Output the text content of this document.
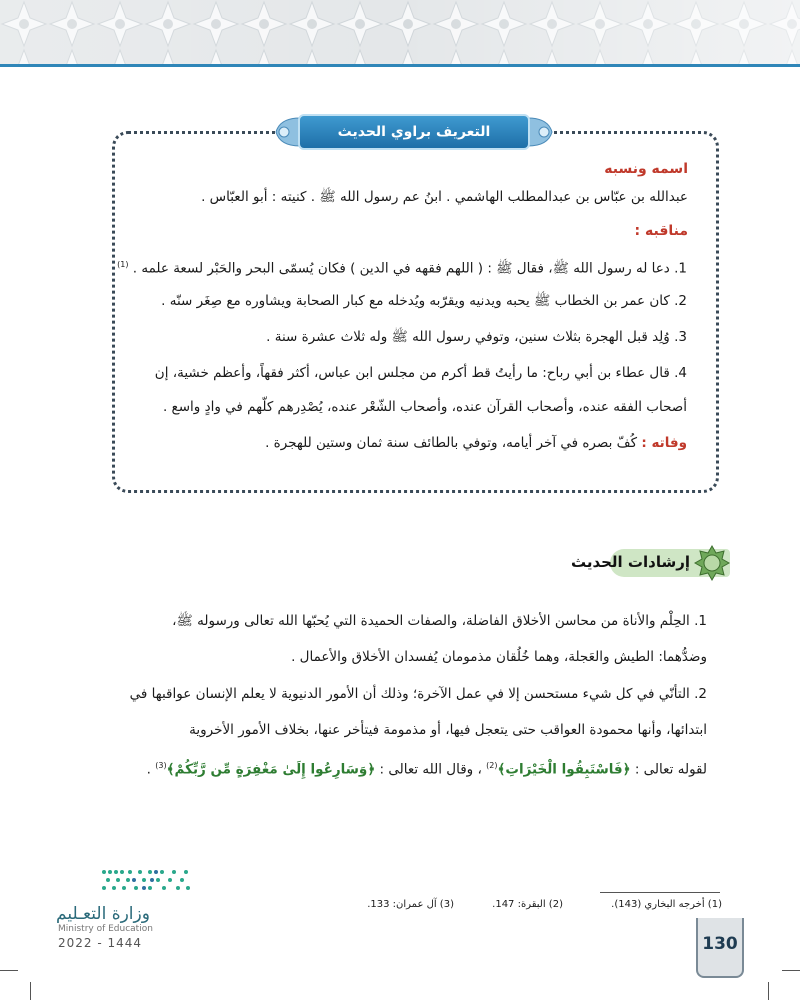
التعريف براوي الحديث
اسمه ونسبه
عبدالله بن عبّاس بن عبدالمطلب الهاشمي . ابنُ عم رسول الله ﷺ . كنيته : أبو العبّاس .
مناقبه :
1. دعا له رسول الله ﷺ، فقال ﷺ : ( اللهم فقهه في الدين ) فكان يُسمّى البحر والحَبْر لسعة علمه . $^{(1)}$
2. كان عمر بن الخطاب ﷺ يحبه ويدنيه ويقرّبه ويُدخله مع كبار الصحابة ويشاوره مع صِغَر سنّه .
3. وُلِد قبل الهجرة بثلاث سنين، وتوفي رسول الله ﷺ وله ثلاث عشرة سنة .
4. قال عطاء بن أبي رباح: ما رأيتُ قط أكرم من مجلس ابن عباس، أكثر فقهاً، وأعظم خشية، إن
أصحاب الفقه عنده، وأصحاب القرآن عنده، وأصحاب الشّعْر عنده، يُصْدِرهم كلّهم في وادٍ واسع .
وفاته : كُفّ بصره في آخر أيامه، وتوفي بالطائف سنة ثمان وستين للهجرة .
إرشادات الحديث
1. الحِلْم والأناة من محاسن الأخلاق الفاضلة، والصفات الحميدة التي يُحبّها الله تعالى ورسوله ﷺ،
وضدُّهما: الطيش والعَجلة، وهما خُلُقان مذمومان يُفسدان الأخلاق والأعمال .
2. التأنّي في كل شيء مستحسن إلا في عمل الآخرة؛ وذلك أن الأمور الدنيوية لا يعلم الإنسان عواقبها في
ابتدائها، وأنها محمودة العواقب حتى يتعجل فيها، أو مذمومة فيتأخر عنها، بخلاف الأمور الأخروية
لقوله تعالى : ﴿فَاسْتَبِقُوا الْخَيْرَاتِ﴾$^{(2)}$ ، وقال الله تعالى : ﴿وَسَارِعُوا إِلَىٰ مَغْفِرَةٍ مِّن رَّبِّكُمْ﴾$^{(3)}$ .
(1) أخرجه البخاري (143).
(2) البقرة: 147.
(3) آل عمران: 133.
130
وزارة التعـليم
Ministry of Education
2022 - 1444
